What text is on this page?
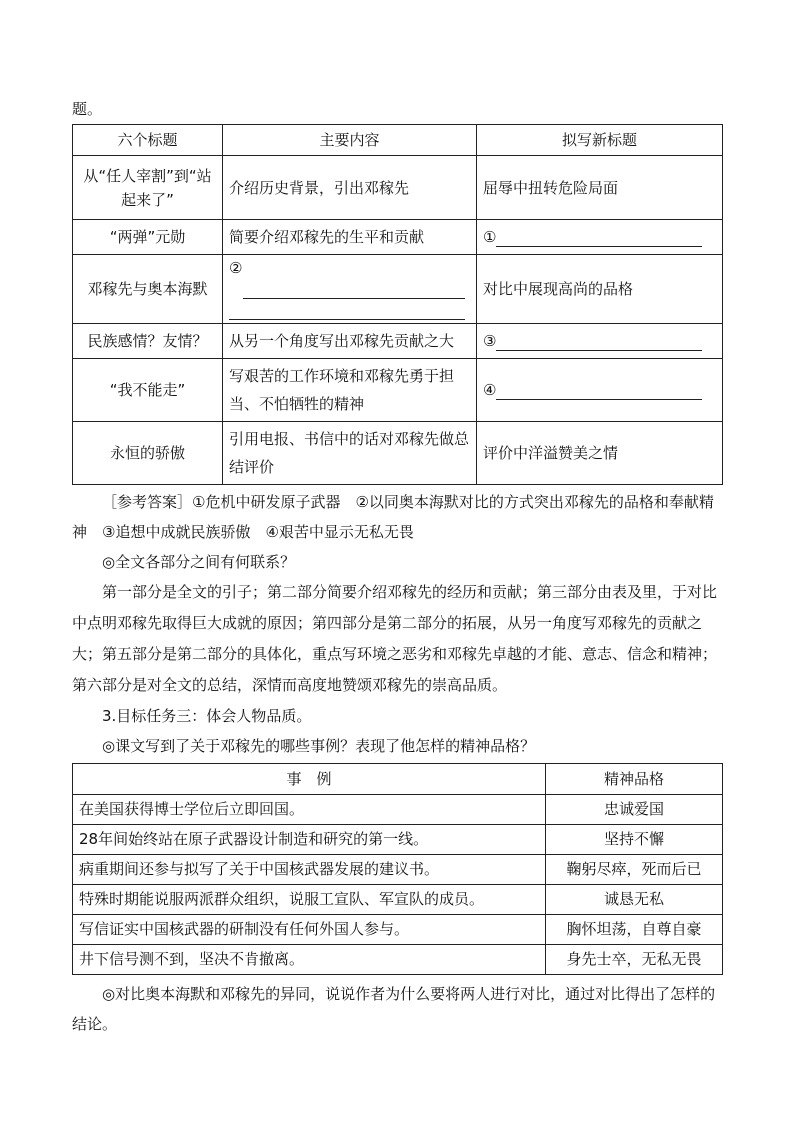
题。
六个标题	主要内容	拟写新标题
从“任人宰割”到“站起来了”	介绍历史背景，引出邓稼先	屈辱中扭转危险局面
“两弹”元勋	简要介绍邓稼先的生平和贡献	①
邓稼先与奥本海默	②	对比中展现高尚的品格
民族感情？友情？	从另一个角度写出邓稼先贡献之大	③
“我不能走”	写艰苦的工作环境和邓稼先勇于担当、不怕牺牲的精神	④
永恒的骄傲	引用电报、书信中的话对邓稼先做总结评价	评价中洋溢赞美之情

［参考答案］①危机中研发原子武器　②以同奥本海默对比的方式突出邓稼先的品格和奉献精神　③追想中成就民族骄傲　④艰苦中显示无私无畏

◎全文各部分之间有何联系？

第一部分是全文的引子；第二部分简要介绍邓稼先的经历和贡献；第三部分由表及里，于对比中点明邓稼先取得巨大成就的原因；第四部分是第二部分的拓展，从另一角度写邓稼先的贡献之大；第五部分是第二部分的具体化，重点写环境之恶劣和邓稼先卓越的才能、意志、信念和精神；第六部分是对全文的总结，深情而高度地赞颂邓稼先的崇高品质。

3.目标任务三：体会人物品质。

◎课文写到了关于邓稼先的哪些事例？表现了他怎样的精神品格？

事　例	精神品格
在美国获得博士学位后立即回国。	忠诚爱国
28年间始终站在原子武器设计制造和研究的第一线。	坚持不懈
病重期间还参与拟写了关于中国核武器发展的建议书。	鞠躬尽瘁，死而后已
特殊时期能说服两派群众组织，说服工宣队、军宣队的成员。	诚恳无私
写信证实中国核武器的研制没有任何外国人参与。	胸怀坦荡，自尊自豪
井下信号测不到，坚决不肯撤离。	身先士卒，无私无畏

◎对比奥本海默和邓稼先的异同，说说作者为什么要将两人进行对比，通过对比得出了怎样的结论。
